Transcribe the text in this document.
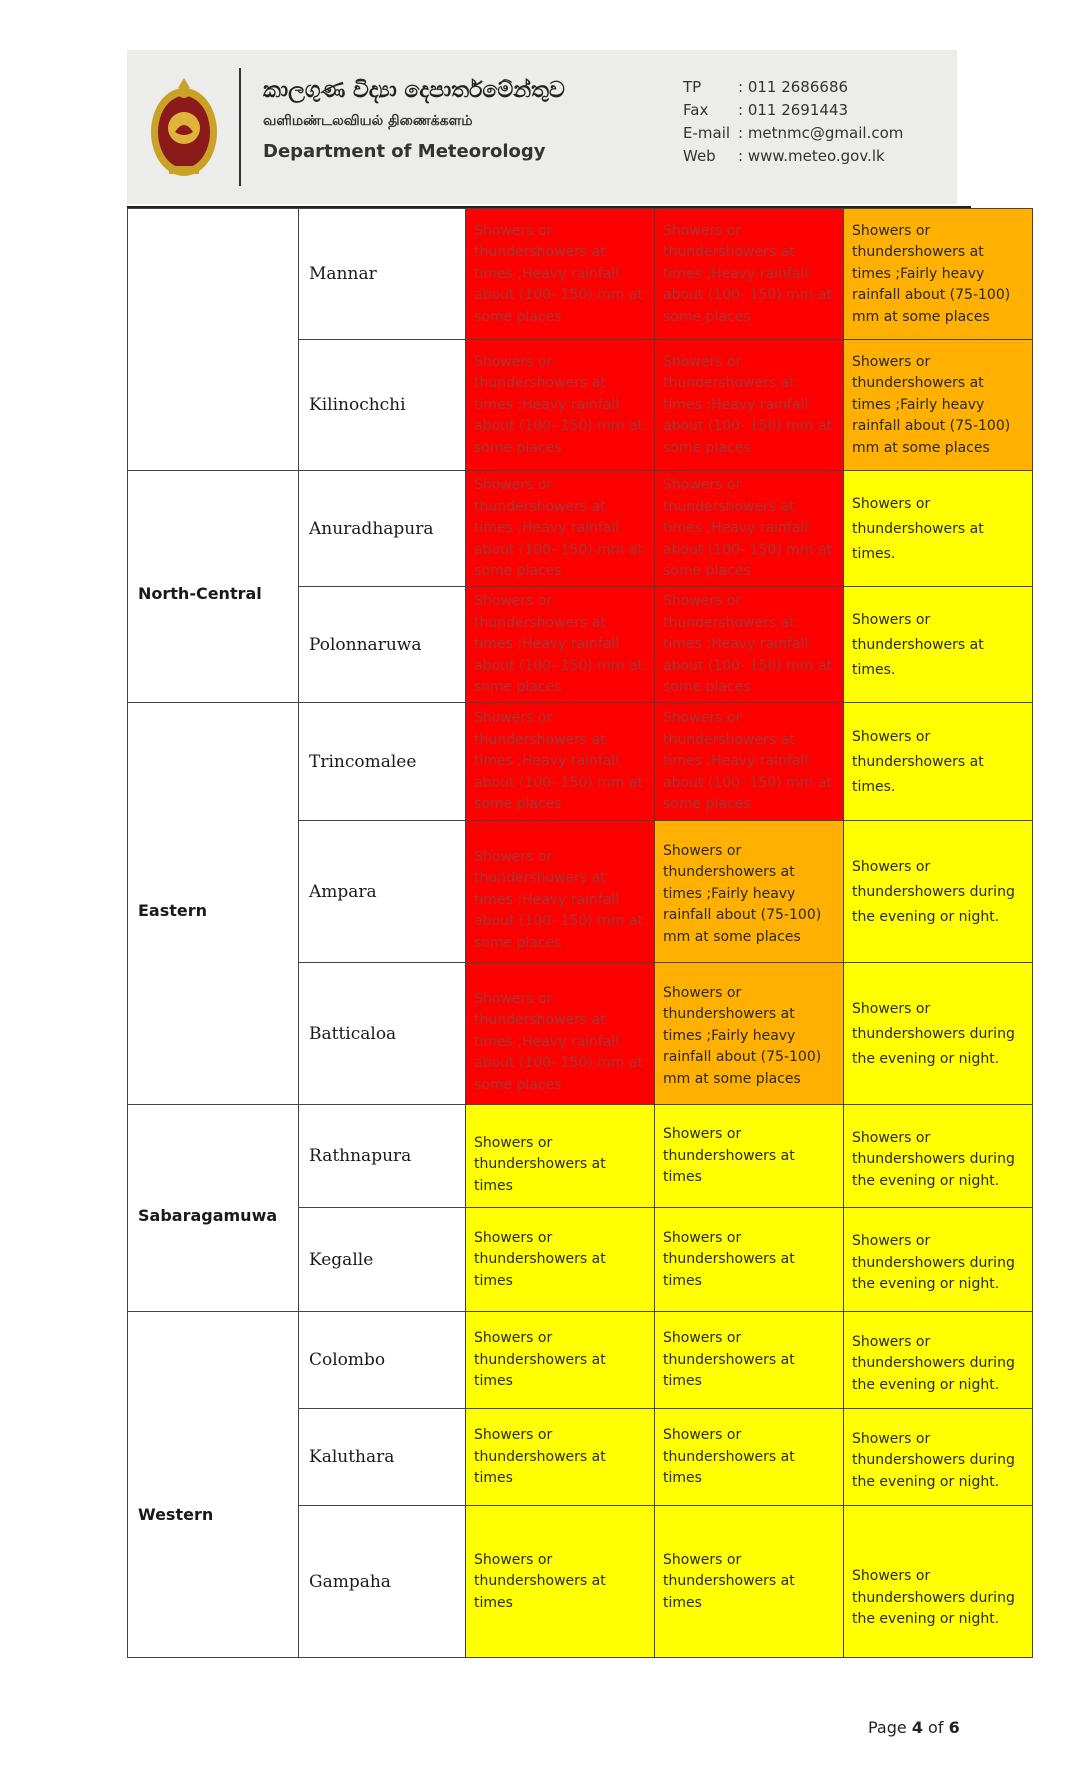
කාලගුණ විද්‍යා දෙපාර්තමේන්තුව
வளிமண்டலவியல் திணைக்களம்
Department of Meteorology
TP	: 011 2686686
Fax	: 011 2691443
E-mail : metnmc@gmail.com
Web	: www.meteo.gov.lk
	Mannar	Showers or thundershowers at times ;Heavy rainfall about (100- 150) mm at some places	Showers or thundershowers at times ;Heavy rainfall about (100- 150) mm at some places	Showers or thundershowers at times ;Fairly heavy rainfall about (75-100) mm at some places
	Kilinochchi	Showers or thundershowers at times ;Heavy rainfall about (100- 150) mm at some places	Showers or thundershowers at times ;Heavy rainfall about (100- 150) mm at some places	Showers or thundershowers at times ;Fairly heavy rainfall about (75-100) mm at some places

North-Central	Anuradhapura	Showers or thundershowers at times ;Heavy rainfall about (100- 150) mm at some places	Showers or thundershowers at times ;Heavy rainfall about (100- 150) mm at some places	Showers or thundershowers at times.
	Polonnaruwa	Showers or thundershowers at times ;Heavy rainfall about (100- 150) mm at some places	Showers or thundershowers at times ;Heavy rainfall about (100- 150) mm at some places	Showers or thundershowers at times.

Eastern	Trincomalee	Showers or thundershowers at times ;Heavy rainfall about (100- 150) mm at some places	Showers or thundershowers at times ;Heavy rainfall about (100- 150) mm at some places	Showers or thundershowers at times.
	Ampara	Showers or thundershowers at times ;Heavy rainfall about (100- 150) mm at some places	Showers or thundershowers at times ;Fairly heavy rainfall about (75-100) mm at some places	Showers or thundershowers during the evening or night.
	Batticaloa	Showers or thundershowers at times ;Heavy rainfall about (100- 150) mm at some places	Showers or thundershowers at times ;Fairly heavy rainfall about (75-100) mm at some places	Showers or thundershowers during the evening or night.

Sabaragamuwa	Rathnapura	Showers or thundershowers at times	Showers or thundershowers at times	Showers or thundershowers during the evening or night.
	Kegalle	Showers or thundershowers at times	Showers or thundershowers at times	Showers or thundershowers during the evening or night.

Western	Colombo	Showers or thundershowers at times	Showers or thundershowers at times	Showers or thundershowers during the evening or night.
	Kaluthara	Showers or thundershowers at times	Showers or thundershowers at times	Showers or thundershowers during the evening or night.
	Gampaha	Showers or thundershowers at times	Showers or thundershowers at times	Showers or thundershowers during the evening or night.
Page 4 of 6
